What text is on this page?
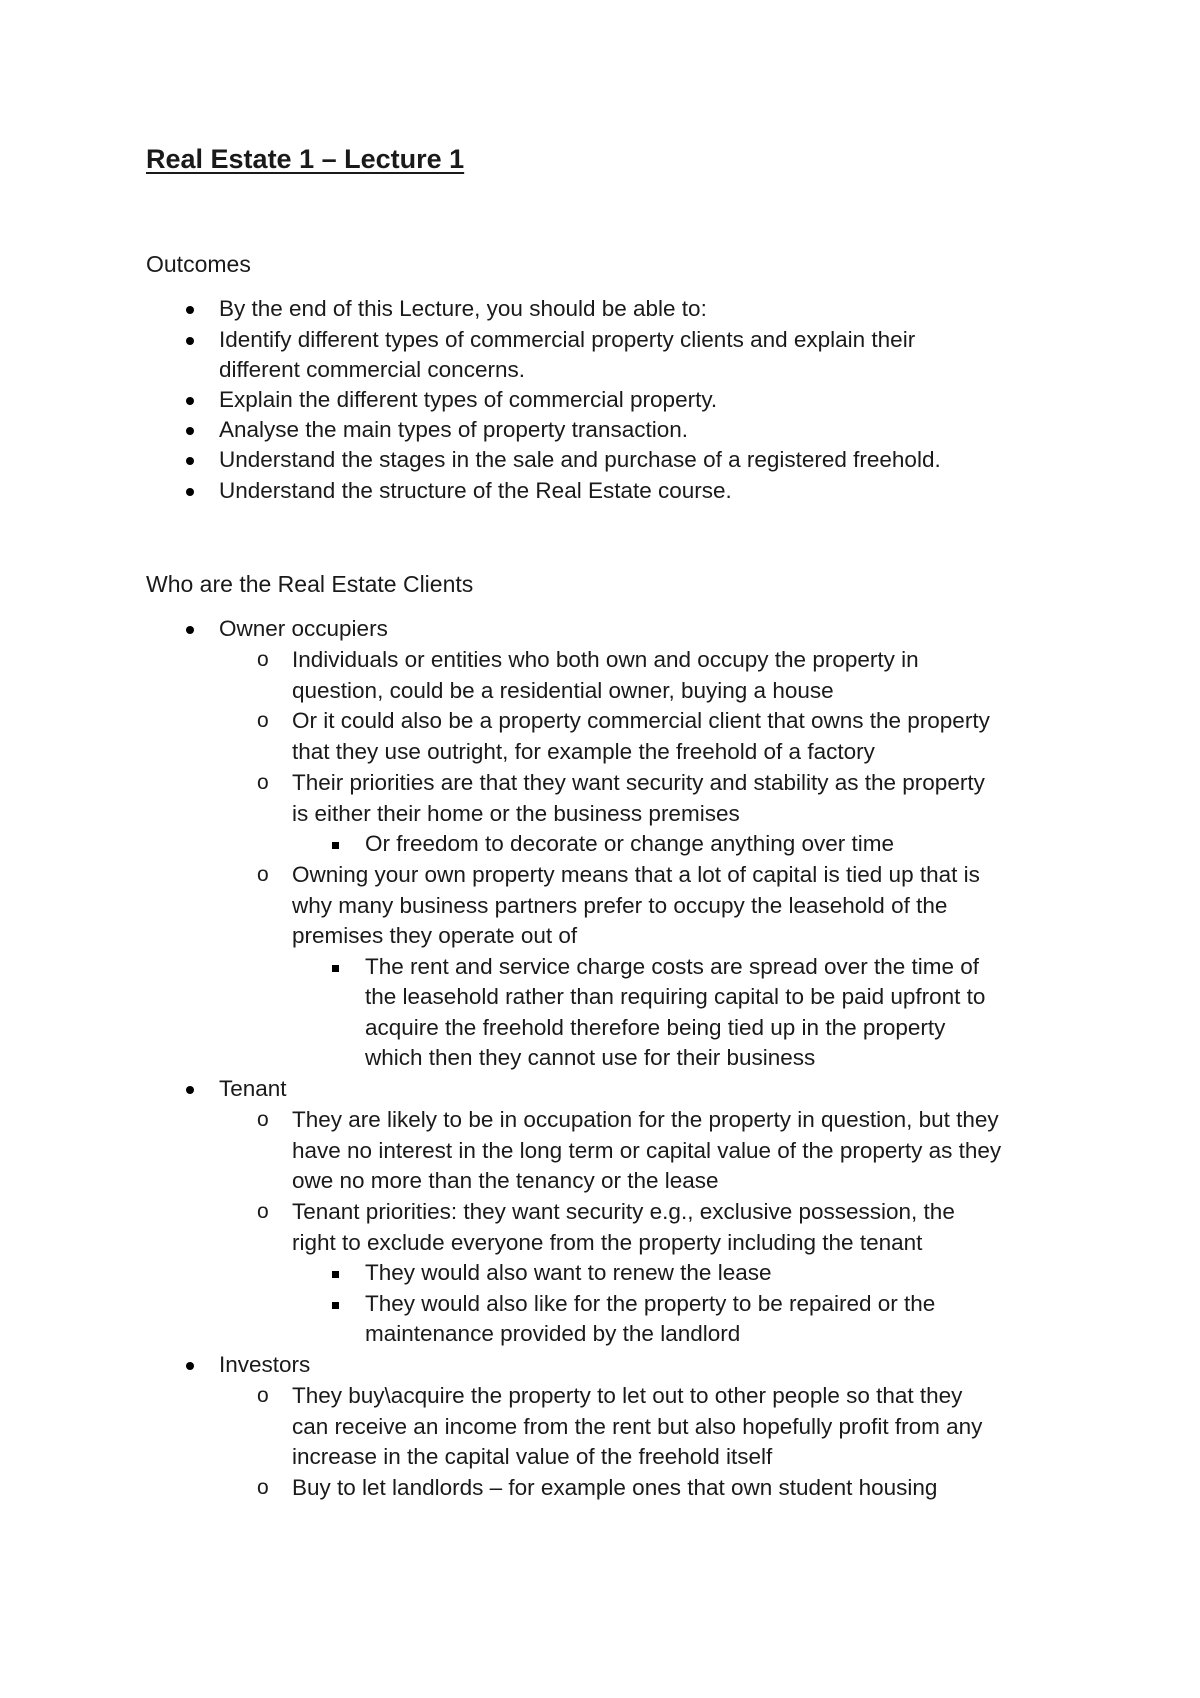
Real Estate 1 – Lecture 1
Outcomes
By the end of this Lecture, you should be able to:
Identify different types of commercial property clients and explain their
different commercial concerns.
Explain the different types of commercial property.
Analyse the main types of property transaction.
Understand the stages in the sale and purchase of a registered freehold.
Understand the structure of the Real Estate course.
Who are the Real Estate Clients
Owner occupiers
o Individuals or entities who both own and occupy the property in
question, could be a residential owner, buying a house
o Or it could also be a property commercial client that owns the property
that they use outright, for example the freehold of a factory
o Their priorities are that they want security and stability as the property
is either their home or the business premises
Or freedom to decorate or change anything over time
o Owning your own property means that a lot of capital is tied up that is
why many business partners prefer to occupy the leasehold of the
premises they operate out of
The rent and service charge costs are spread over the time of
the leasehold rather than requiring capital to be paid upfront to
acquire the freehold therefore being tied up in the property
which then they cannot use for their business
Tenant
o They are likely to be in occupation for the property in question, but they
have no interest in the long term or capital value of the property as they
owe no more than the tenancy or the lease
o Tenant priorities: they want security e.g., exclusive possession, the
right to exclude everyone from the property including the tenant
They would also want to renew the lease
They would also like for the property to be repaired or the
maintenance provided by the landlord
Investors
o They buy\acquire the property to let out to other people so that they
can receive an income from the rent but also hopefully profit from any
increase in the capital value of the freehold itself
o Buy to let landlords – for example ones that own student housing
